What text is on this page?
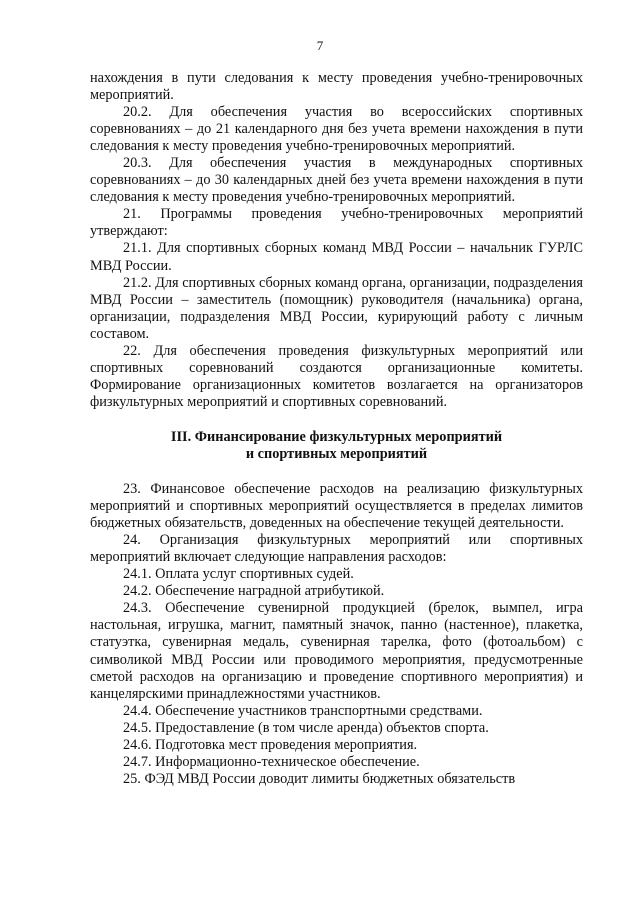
7

нахождения в пути следования к месту проведения учебно-тренировочных мероприятий.

20.2. Для обеспечения участия во всероссийских спортивных соревнованиях – до 21 календарного дня без учета времени нахождения в пути следования к месту проведения учебно-тренировочных мероприятий.

20.3. Для обеспечения участия в международных спортивных соревнованиях – до 30 календарных дней без учета времени нахождения в пути следования к месту проведения учебно-тренировочных мероприятий.

21. Программы проведения учебно-тренировочных мероприятий утверждают:

21.1. Для спортивных сборных команд МВД России – начальник ГУРЛС МВД России.

21.2. Для спортивных сборных команд органа, организации, подразделения МВД России – заместитель (помощник) руководителя (начальника) органа, организации, подразделения МВД России, курирующий работу с личным составом.

22. Для обеспечения проведения физкультурных мероприятий или спортивных соревнований создаются организационные комитеты. Формирование организационных комитетов возлагается на организаторов физкультурных мероприятий и спортивных соревнований.

III. Финансирование физкультурных мероприятий

и спортивных мероприятий

23. Финансовое обеспечение расходов на реализацию физкультурных мероприятий и спортивных мероприятий осуществляется в пределах лимитов бюджетных обязательств, доведенных на обеспечение текущей деятельности.

24. Организация физкультурных мероприятий или спортивных мероприятий включает следующие направления расходов:

24.1. Оплата услуг спортивных судей.

24.2. Обеспечение наградной атрибутикой.

24.3. Обеспечение сувенирной продукцией (брелок, вымпел, игра настольная, игрушка, магнит, памятный значок, панно (настенное), плакетка, статуэтка, сувенирная медаль, сувенирная тарелка, фото (фотоальбом) с символикой МВД России или проводимого мероприятия, предусмотренные сметой расходов на организацию и проведение спортивного мероприятия) и канцелярскими принадлежностями участников.

24.4. Обеспечение участников транспортными средствами.

24.5. Предоставление (в том числе аренда) объектов спорта.

24.6. Подготовка мест проведения мероприятия.

24.7. Информационно-техническое обеспечение.

25. ФЭД МВД России доводит лимиты бюджетных обязательств
